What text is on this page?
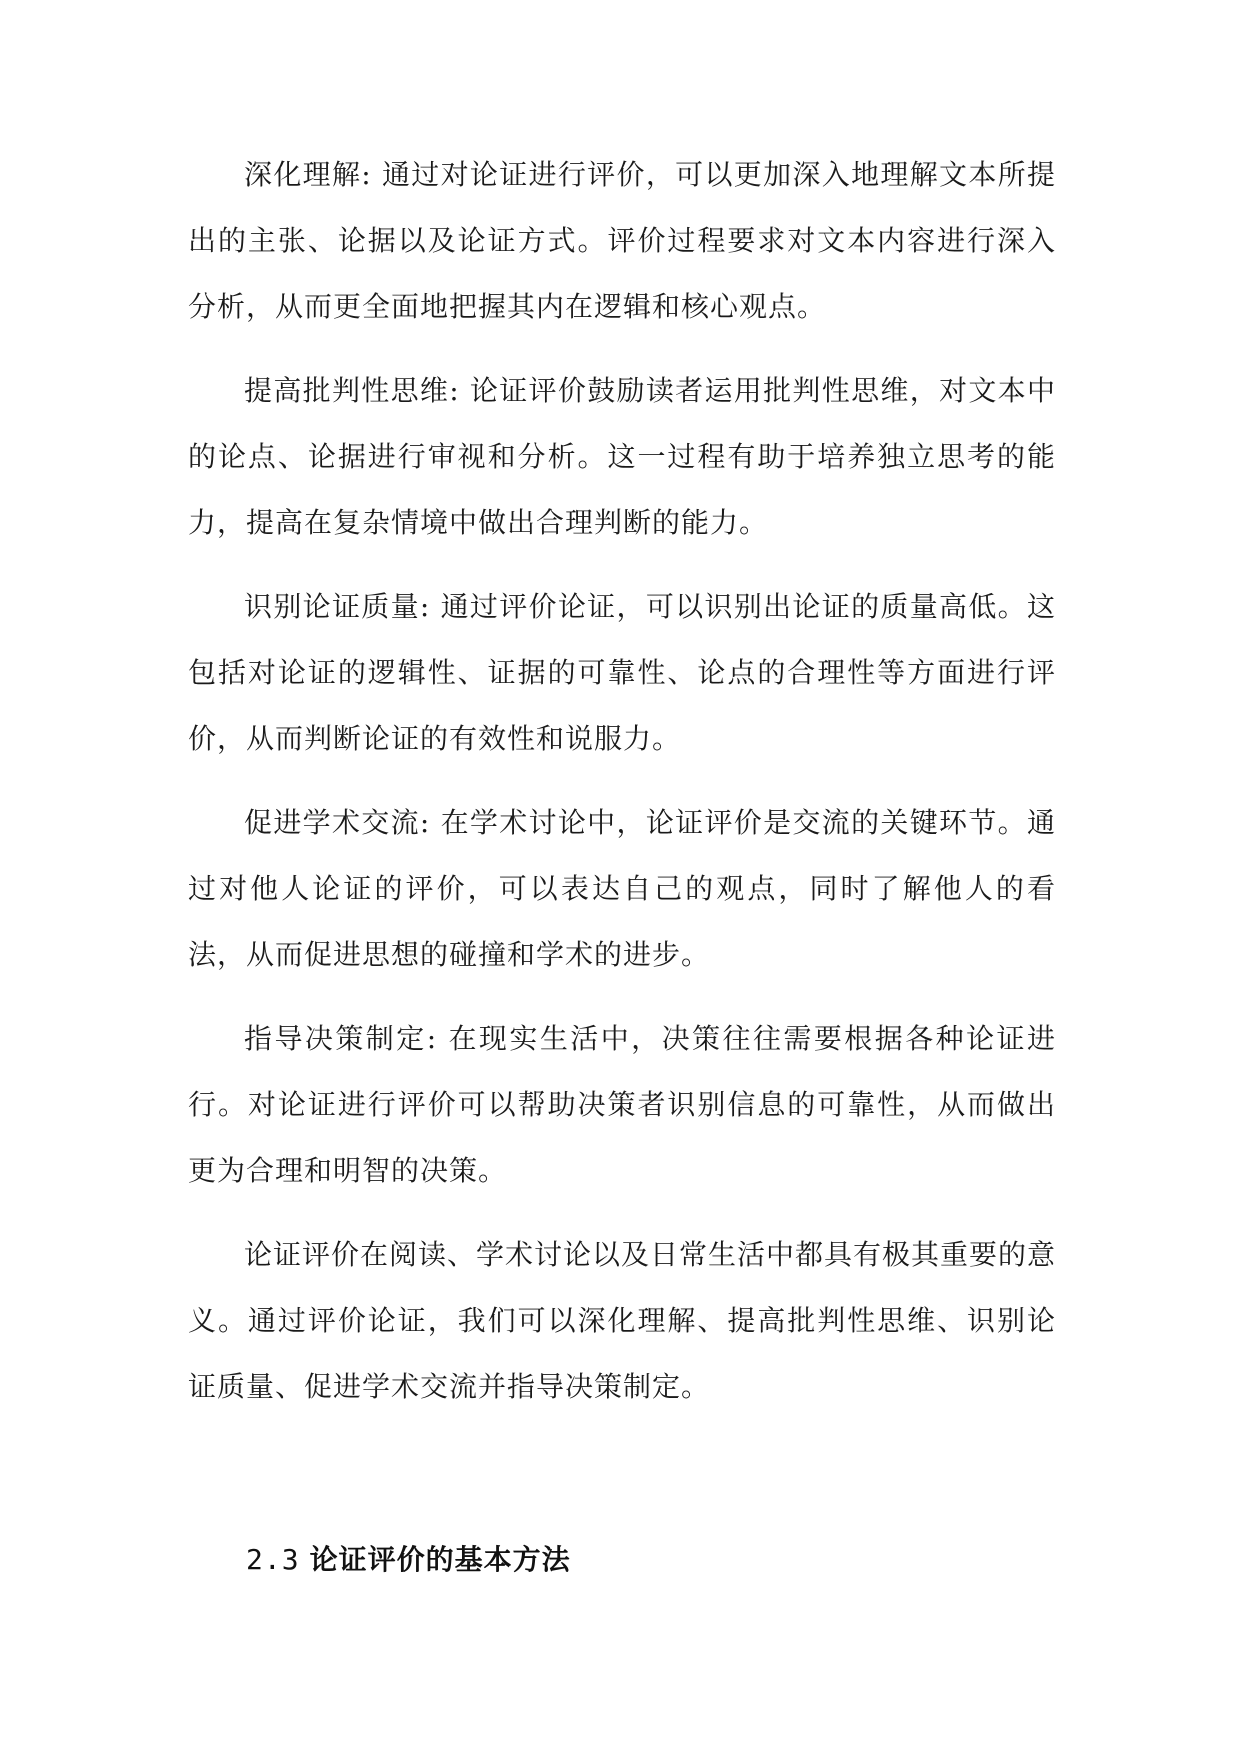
深化理解: 通过对论证进行评价，可以更加深入地理解文本所提出的主张、论据以及论证方式。评价过程要求对文本内容进行深入分析，从而更全面地把握其内在逻辑和核心观点。

提高批判性思维: 论证评价鼓励读者运用批判性思维，对文本中的论点、论据进行审视和分析。这一过程有助于培养独立思考的能力，提高在复杂情境中做出合理判断的能力。

识别论证质量: 通过评价论证，可以识别出论证的质量高低。这包括对论证的逻辑性、证据的可靠性、论点的合理性等方面进行评价，从而判断论证的有效性和说服力。

促进学术交流: 在学术讨论中，论证评价是交流的关键环节。通过对他人论证的评价，可以表达自己的观点，同时了解他人的看法，从而促进思想的碰撞和学术的进步。

指导决策制定: 在现实生活中，决策往往需要根据各种论证进行。对论证进行评价可以帮助决策者识别信息的可靠性，从而做出更为合理和明智的决策。

论证评价在阅读、学术讨论以及日常生活中都具有极其重要的意义。通过评价论证，我们可以深化理解、提高批判性思维、识别论证质量、促进学术交流并指导决策制定。

2.3 论证评价的基本方法
